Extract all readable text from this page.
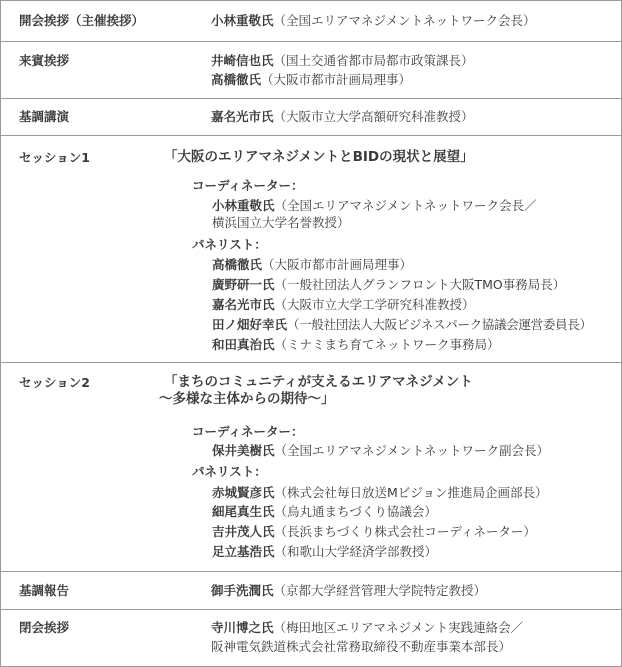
開会挨拶（主催挨拶）	小林重敬氏（全国エリアマネジメントネットワーク会長）
来賓挨拶	井崎信也氏（国土交通省都市局都市政策課長）
高橋徹氏（大阪市都市計画局理事）
基調講演	嘉名光市氏（大阪市立大学高額研究科准教授）
セッション1	「大阪のエリアマネジメントとBIDの現状と展望」
コーディネーター：
小林重敬氏（全国エリアマネジメントネットワーク会長／
横浜国立大学名誉教授）
パネリスト：
高橋徹氏（大阪市都市計画局理事）
廣野研一氏（一般社団法人グランフロント大阪TMO事務局長）
嘉名光市氏（大阪市立大学工学研究科准教授）
田ノ畑好幸氏（一般社団法人大阪ビジネスパーク協議会運営委員長）
和田真治氏（ミナミまち育てネットワーク事務局）
セッション2	「まちのコミュニティが支えるエリアマネジメント
〜多様な主体からの期待〜」
コーディネーター：
保井美樹氏（全国エリアマネジメントネットワーク副会長）
パネリスト：
赤城賢彦氏（株式会社毎日放送Mビジョン推進局企画部長）
細尾真生氏（烏丸通まちづくり協議会）
吉井茂人氏（長浜まちづくり株式会社コーディネーター）
足立基浩氏（和歌山大学経済学部教授）
基調報告	御手洗潤氏（京都大学経営管理大学院特定教授）
閉会挨拶	寺川博之氏（梅田地区エリアマネジメント実践連絡会／
阪神電気鉄道株式会社常務取締役不動産事業本部長）
